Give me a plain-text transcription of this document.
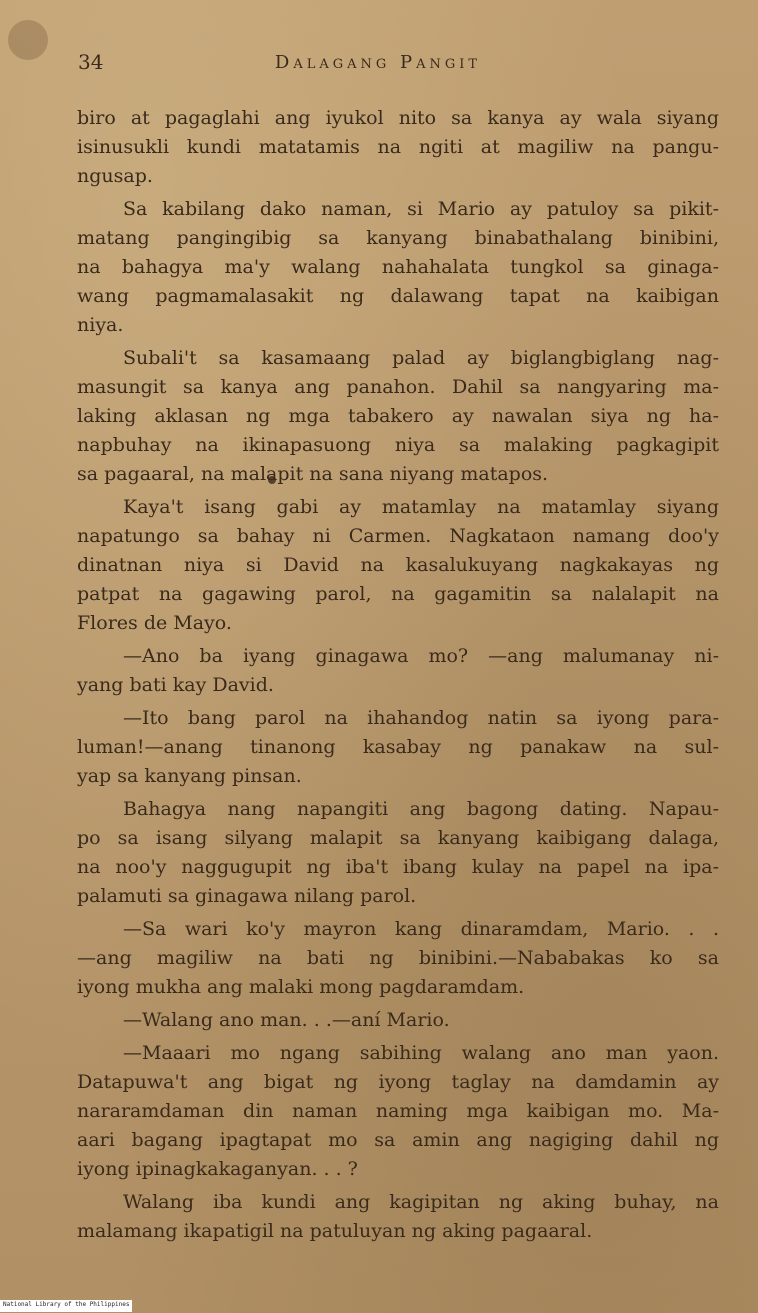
34	Dalagang Pangit
biro at pagaglahi ang iyukol nito sa kanya ay wala siyang
isinusukli kundi matatamis na ngiti at magiliw na pangu-
ngusap.
Sa kabilang dako naman, si Mario ay patuloy sa pikit-
matang pangingibig sa kanyang binabathalang binibini,
na bahagya ma'y walang nahahalata tungkol sa ginaga-
wang pagmamalasakit ng dalawang tapat na kaibigan
niya.
Subali't sa kasamaang palad ay biglangbiglang nag-
masungit sa kanya ang panahon. Dahil sa nangyaring ma-
laking aklasan ng mga tabakero ay nawalan siya ng ha-
napbuhay na ikinapasuong niya sa malaking pagkagipit
sa pagaaral, na malapit na sana niyang matapos.
Kaya't isang gabi ay matamlay na matamlay siyang
napatungo sa bahay ni Carmen. Nagkataon namang doo'y
dinatnan niya si David na kasalukuyang nagkakayas ng
patpat na gagawing parol, na gagamitin sa nalalapit na
Flores de Mayo.
—Ano ba iyang ginagawa mo? —ang malumanay ni-
yang bati kay David.
—Ito bang parol na ihahandog natin sa iyong para-
luman!—anang tinanong kasabay ng panakaw na sul-
yap sa kanyang pinsan.
Bahagya nang napangiti ang bagong dating. Napau-
po sa isang silyang malapit sa kanyang kaibigang dalaga,
na noo'y naggugupit ng iba't ibang kulay na papel na ipa-
palamuti sa ginagawa nilang parol.
—Sa wari ko'y mayron kang dinaramdam, Mario. . .
—ang magiliw na bati ng binibini.—Nababakas ko sa
iyong mukha ang malaki mong pagdaramdam.
—Walang ano man. . .—aní Mario.
—Maaari mo ngang sabihing walang ano man yaon.
Datapuwa't ang bigat ng iyong taglay na damdamin ay
nararamdaman din naman naming mga kaibigan mo. Ma-
aari bagang ipagtapat mo sa amin ang nagiging dahil ng
iyong ipinagkakaganyan. . . ?
Walang iba kundi ang kagipitan ng aking buhay, na
malamang ikapatigil na patuluyan ng aking pagaaral.
National Library of the Philippines
